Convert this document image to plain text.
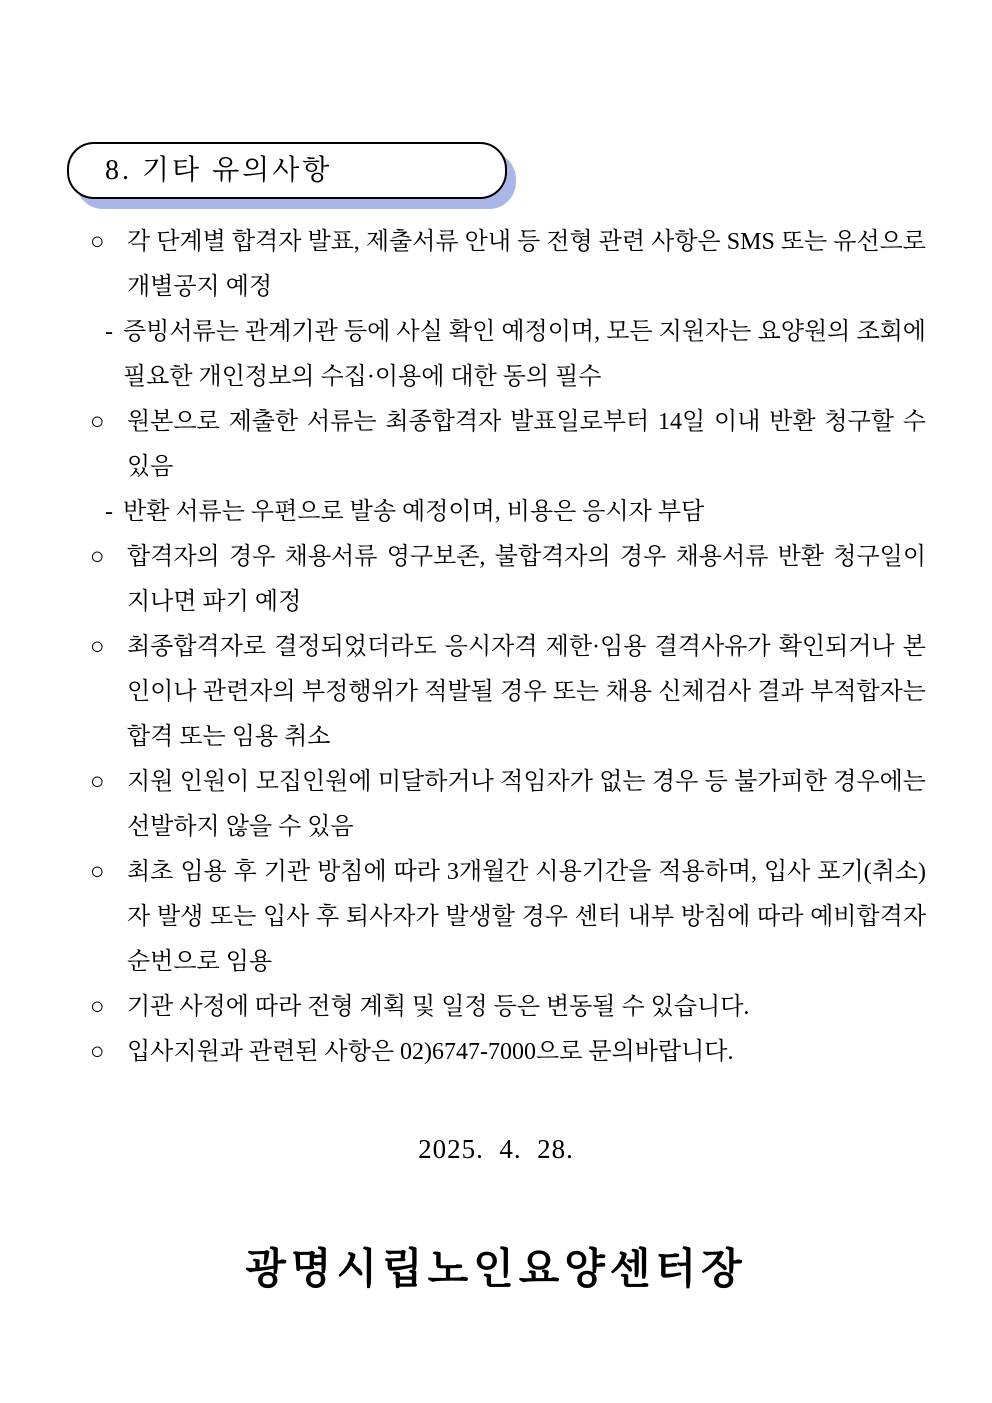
8. 기타 유의사항

○ 각 단계별 합격자 발표, 제출서류 안내 등 전형 관련 사항은 SMS 또는 유선으로 개별공지 예정

- 증빙서류는 관계기관 등에 사실 확인 예정이며, 모든 지원자는 요양원의 조회에 필요한 개인정보의 수집·이용에 대한 동의 필수

○ 원본으로 제출한 서류는 최종합격자 발표일로부터 14일 이내 반환 청구할 수 있음

- 반환 서류는 우편으로 발송 예정이며, 비용은 응시자 부담

○ 합격자의 경우 채용서류 영구보존, 불합격자의 경우 채용서류 반환 청구일이 지나면 파기 예정

○ 최종합격자로 결정되었더라도 응시자격 제한·임용 결격사유가 확인되거나 본인이나 관련자의 부정행위가 적발될 경우 또는 채용 신체검사 결과 부적합자는 합격 또는 임용 취소

○ 지원 인원이 모집인원에 미달하거나 적임자가 없는 경우 등 불가피한 경우에는 선발하지 않을 수 있음

○ 최초 임용 후 기관 방침에 따라 3개월간 시용기간을 적용하며, 입사 포기(취소)자 발생 또는 입사 후 퇴사자가 발생할 경우 센터 내부 방침에 따라 예비합격자 순번으로 임용

○ 기관 사정에 따라 전형 계획 및 일정 등은 변동될 수 있습니다.

○ 입사지원과 관련된 사항은 02)6747-7000으로 문의바랍니다.

2025.  4.  28.
광명시립노인요양센터장
